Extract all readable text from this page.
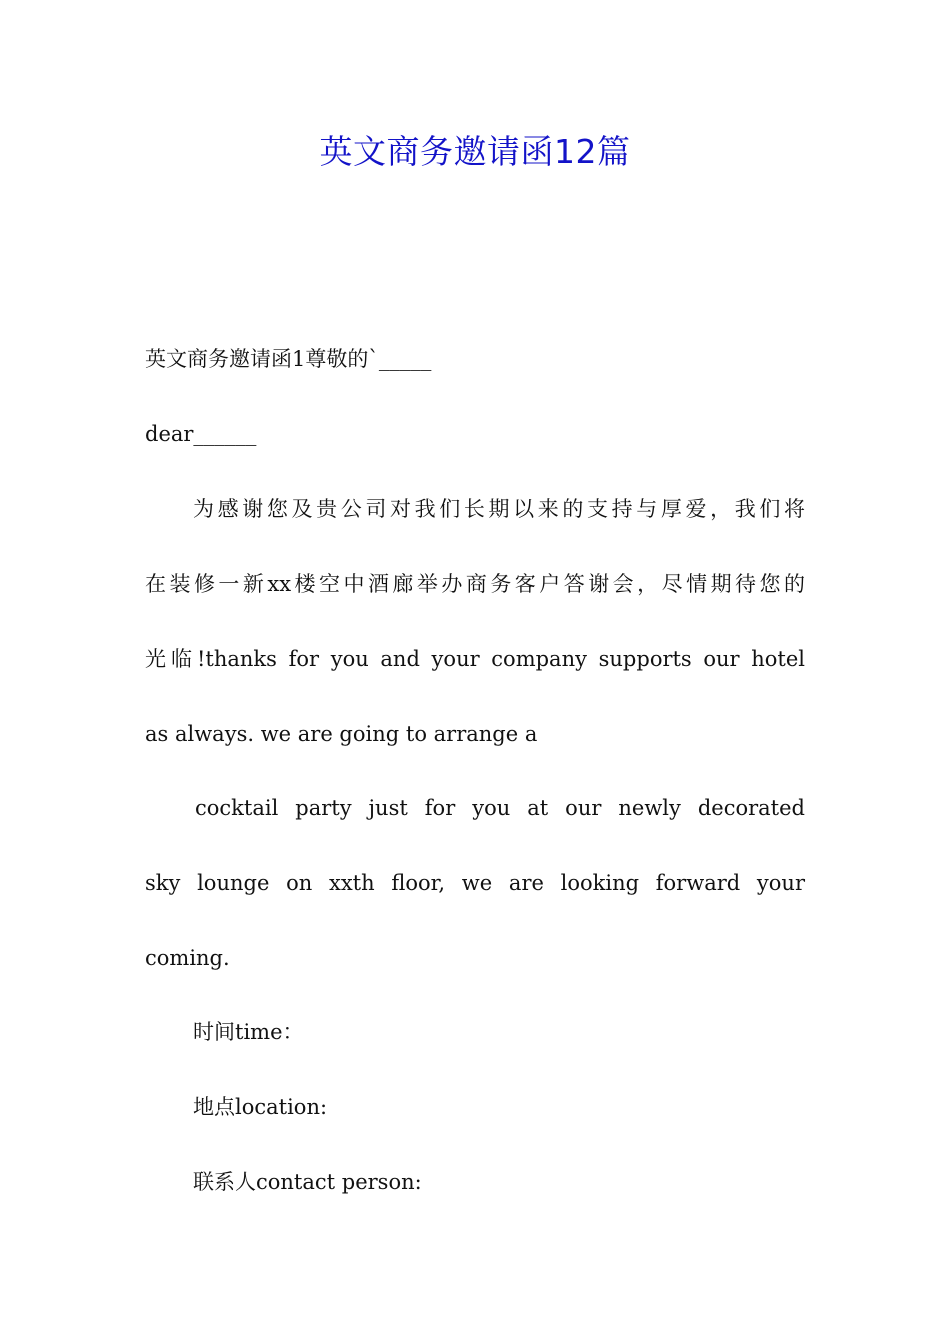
英文商务邀请函12篇

英文商务邀请函1尊敬的`_____

dear______

为感谢您及贵公司对我们长期以来的支持与厚爱，我们将

在装修一新xx楼空中酒廊举办商务客户答谢会，尽情期待您的

光临!thanks for you and your company supports our hotel

as always. we are going to arrange a

cocktail party just for you at our newly decorated

sky lounge on xxth floor, we are looking forward your

coming.

时间time：

地点location:

联系人contact person:
